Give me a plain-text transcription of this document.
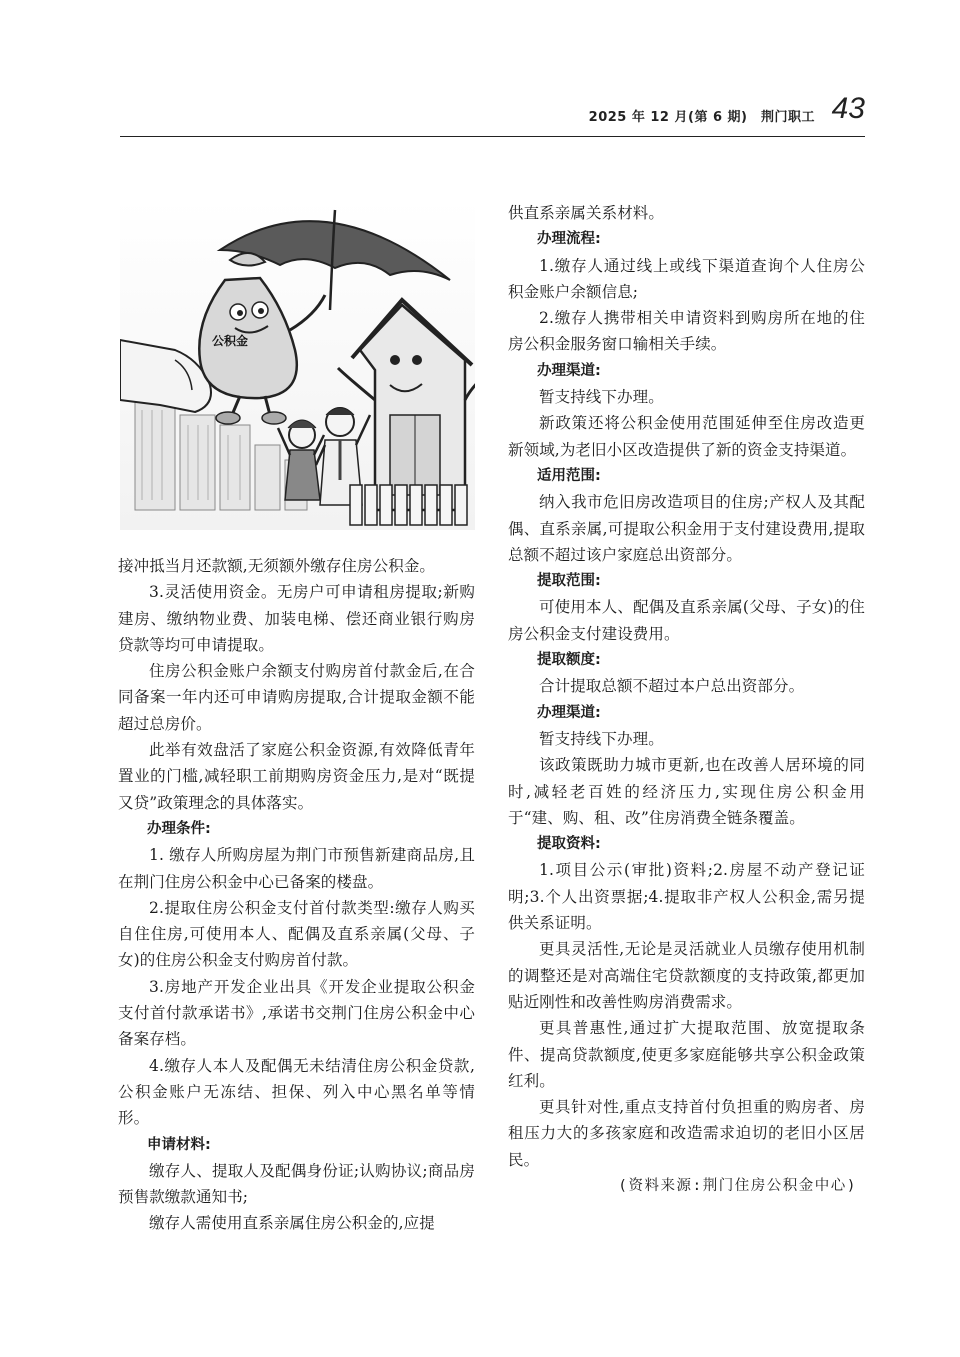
2025 年 12 月(第 6 期)　荆门职工 43
公积金

接冲抵当月还款额,无须额外缴存住房公积金。

3.灵活使用资金。无房户可申请租房提取;新购建房、缴纳物业费、加装电梯、偿还商业银行购房贷款等均可申请提取。

住房公积金账户余额支付购房首付款金后,在合同备案一年内还可申请购房提取,合计提取金额不能超过总房价。

此举有效盘活了家庭公积金资源,有效降低青年置业的门槛,减轻职工前期购房资金压力,是对“既提又贷”政策理念的具体落实。

办理条件:

1. 缴存人所购房屋为荆门市预售新建商品房,且在荆门住房公积金中心已备案的楼盘。

2.提取住房公积金支付首付款类型:缴存人购买自住住房,可使用本人、配偶及直系亲属(父母、子女)的住房公积金支付购房首付款。

3.房地产开发企业出具《开发企业提取公积金支付首付款承诺书》,承诺书交荆门住房公积金中心备案存档。

4.缴存人本人及配偶无未结清住房公积金贷款,公积金账户无冻结、担保、列入中心黑名单等情形。

申请材料:

缴存人、提取人及配偶身份证;认购协议;商品房预售款缴款通知书;

缴存人需使用直系亲属住房公积金的,应提

供直系亲属关系材料。

办理流程:

1.缴存人通过线上或线下渠道查询个人住房公积金账户余额信息;

2.缴存人携带相关申请资料到购房所在地的住房公积金服务窗口输相关手续。

办理渠道:

暂支持线下办理。

新政策还将公积金使用范围延伸至住房改造更新领域,为老旧小区改造提供了新的资金支持渠道。

适用范围:

纳入我市危旧房改造项目的住房;产权人及其配偶、直系亲属,可提取公积金用于支付建设费用,提取总额不超过该户家庭总出资部分。

提取范围:

可使用本人、配偶及直系亲属(父母、子女)的住房公积金支付建设费用。

提取额度:

合计提取总额不超过本户总出资部分。

办理渠道:

暂支持线下办理。

该政策既助力城市更新,也在改善人居环境的同时,减轻老百姓的经济压力,实现住房公积金用于“建、购、租、改”住房消费全链条覆盖。

提取资料:

1.项目公示(审批)资料;2.房屋不动产登记证明;3.个人出资票据;4.提取非产权人公积金,需另提供关系证明。

更具灵活性,无论是灵活就业人员缴存使用机制的调整还是对高端住宅贷款额度的支持政策,都更加贴近刚性和改善性购房消费需求。

更具普惠性,通过扩大提取范围、放宽提取条件、提高贷款额度,使更多家庭能够共享公积金政策红利。

更具针对性,重点支持首付负担重的购房者、房租压力大的多孩家庭和改造需求迫切的老旧小区居民。

(资料来源:荆门住房公积金中心)
